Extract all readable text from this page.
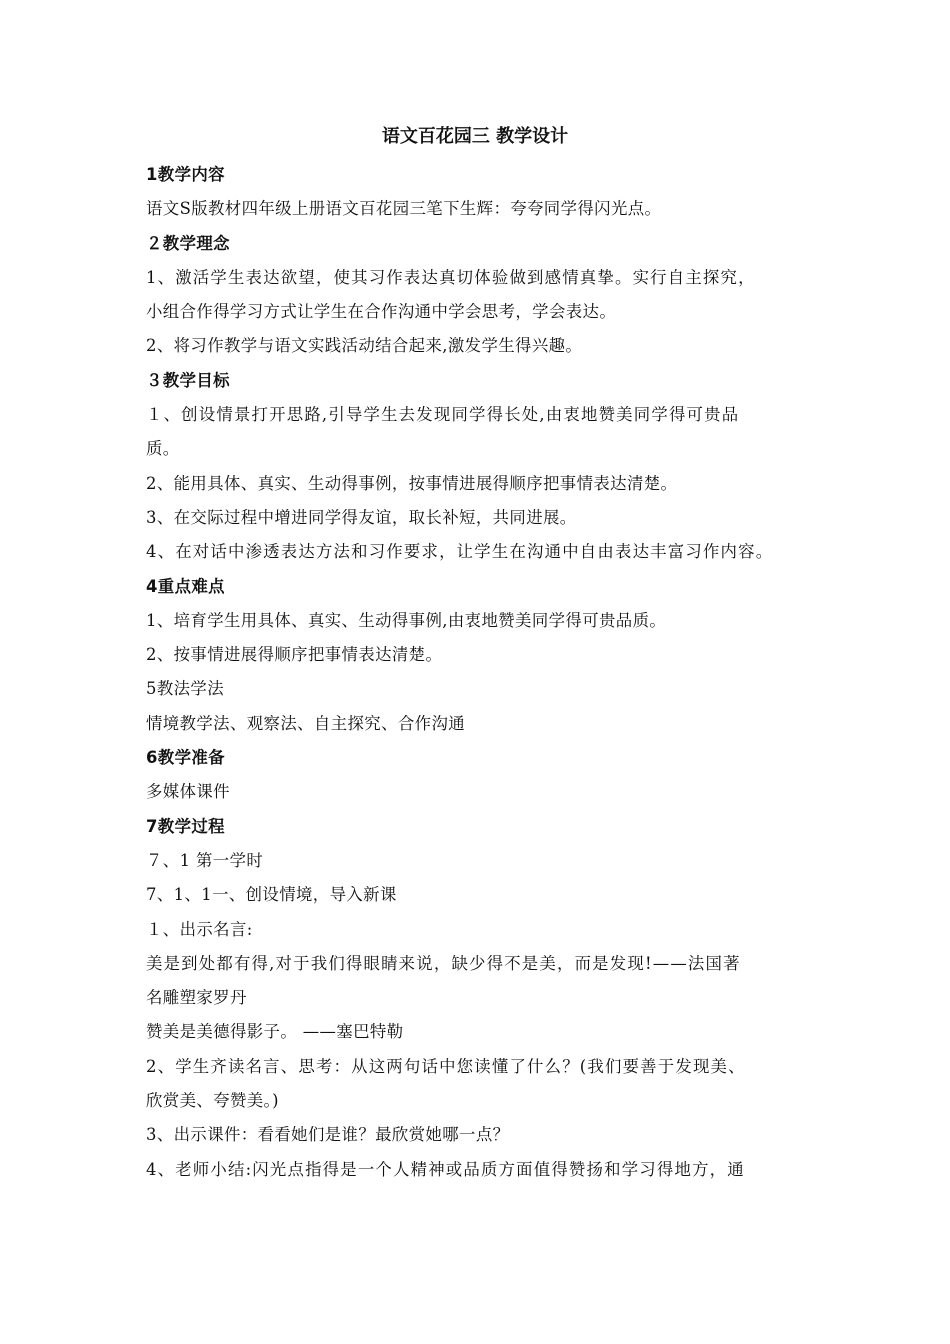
语文百花园三 教学设计
1教学内容
语文S版教材四年级上册语文百花园三笔下生辉：夸夸同学得闪光点。
２教学理念
1、激活学生表达欲望，使其习作表达真切体验做到感情真挚。实行自主探究，
小组合作得学习方式让学生在合作沟通中学会思考，学会表达。
2、将习作教学与语文实践活动结合起来,激发学生得兴趣。
３教学目标
１、创设情景打开思路,引导学生去发现同学得长处,由衷地赞美同学得可贵品
质。
2、能用具体、真实、生动得事例，按事情进展得顺序把事情表达清楚。
3、在交际过程中增进同学得友谊，取长补短，共同进展。
4、在对话中渗透表达方法和习作要求，让学生在沟通中自由表达丰富习作内容。
4重点难点
1、培育学生用具体、真实、生动得事例,由衷地赞美同学得可贵品质。
2、按事情进展得顺序把事情表达清楚。
5教法学法
情境教学法、观察法、自主探究、合作沟通
6教学准备
多媒体课件
7教学过程
７、1 第一学时
7、1、1一、创设情境，导入新课
１、出示名言:
美是到处都有得,对于我们得眼睛来说，缺少得不是美，而是发现!——法国著
名雕塑家罗丹
赞美是美德得影子。 ——塞巴特勒
2、学生齐读名言、思考：从这两句话中您读懂了什么？(我们要善于发现美、
欣赏美、夸赞美。)
3、出示课件：看看她们是谁？最欣赏她哪一点？
4、老师小结:闪光点指得是一个人精神或品质方面值得赞扬和学习得地方，通
